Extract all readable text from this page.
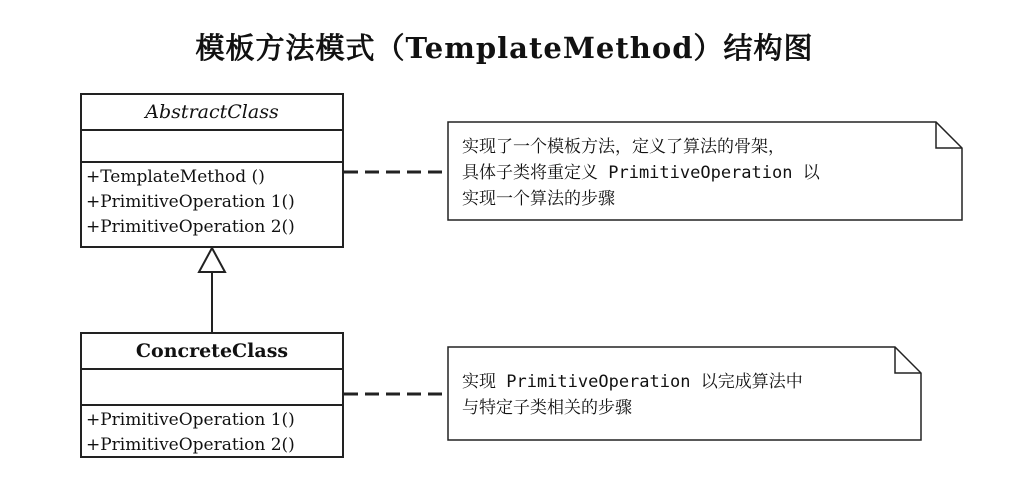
模板方法模式（TemplateMethod）结构图
AbstractClass
+TemplateMethod ()
+PrimitiveOperation 1()
+PrimitiveOperation 2()
ConcreteClass
+PrimitiveOperation 1()
+PrimitiveOperation 2()
实现了一个模板方法，定义了算法的骨架，
具体子类将重定义 PrimitiveOperation 以
实现一个算法的步骤
实现 PrimitiveOperation 以完成算法中
与特定子类相关的步骤
